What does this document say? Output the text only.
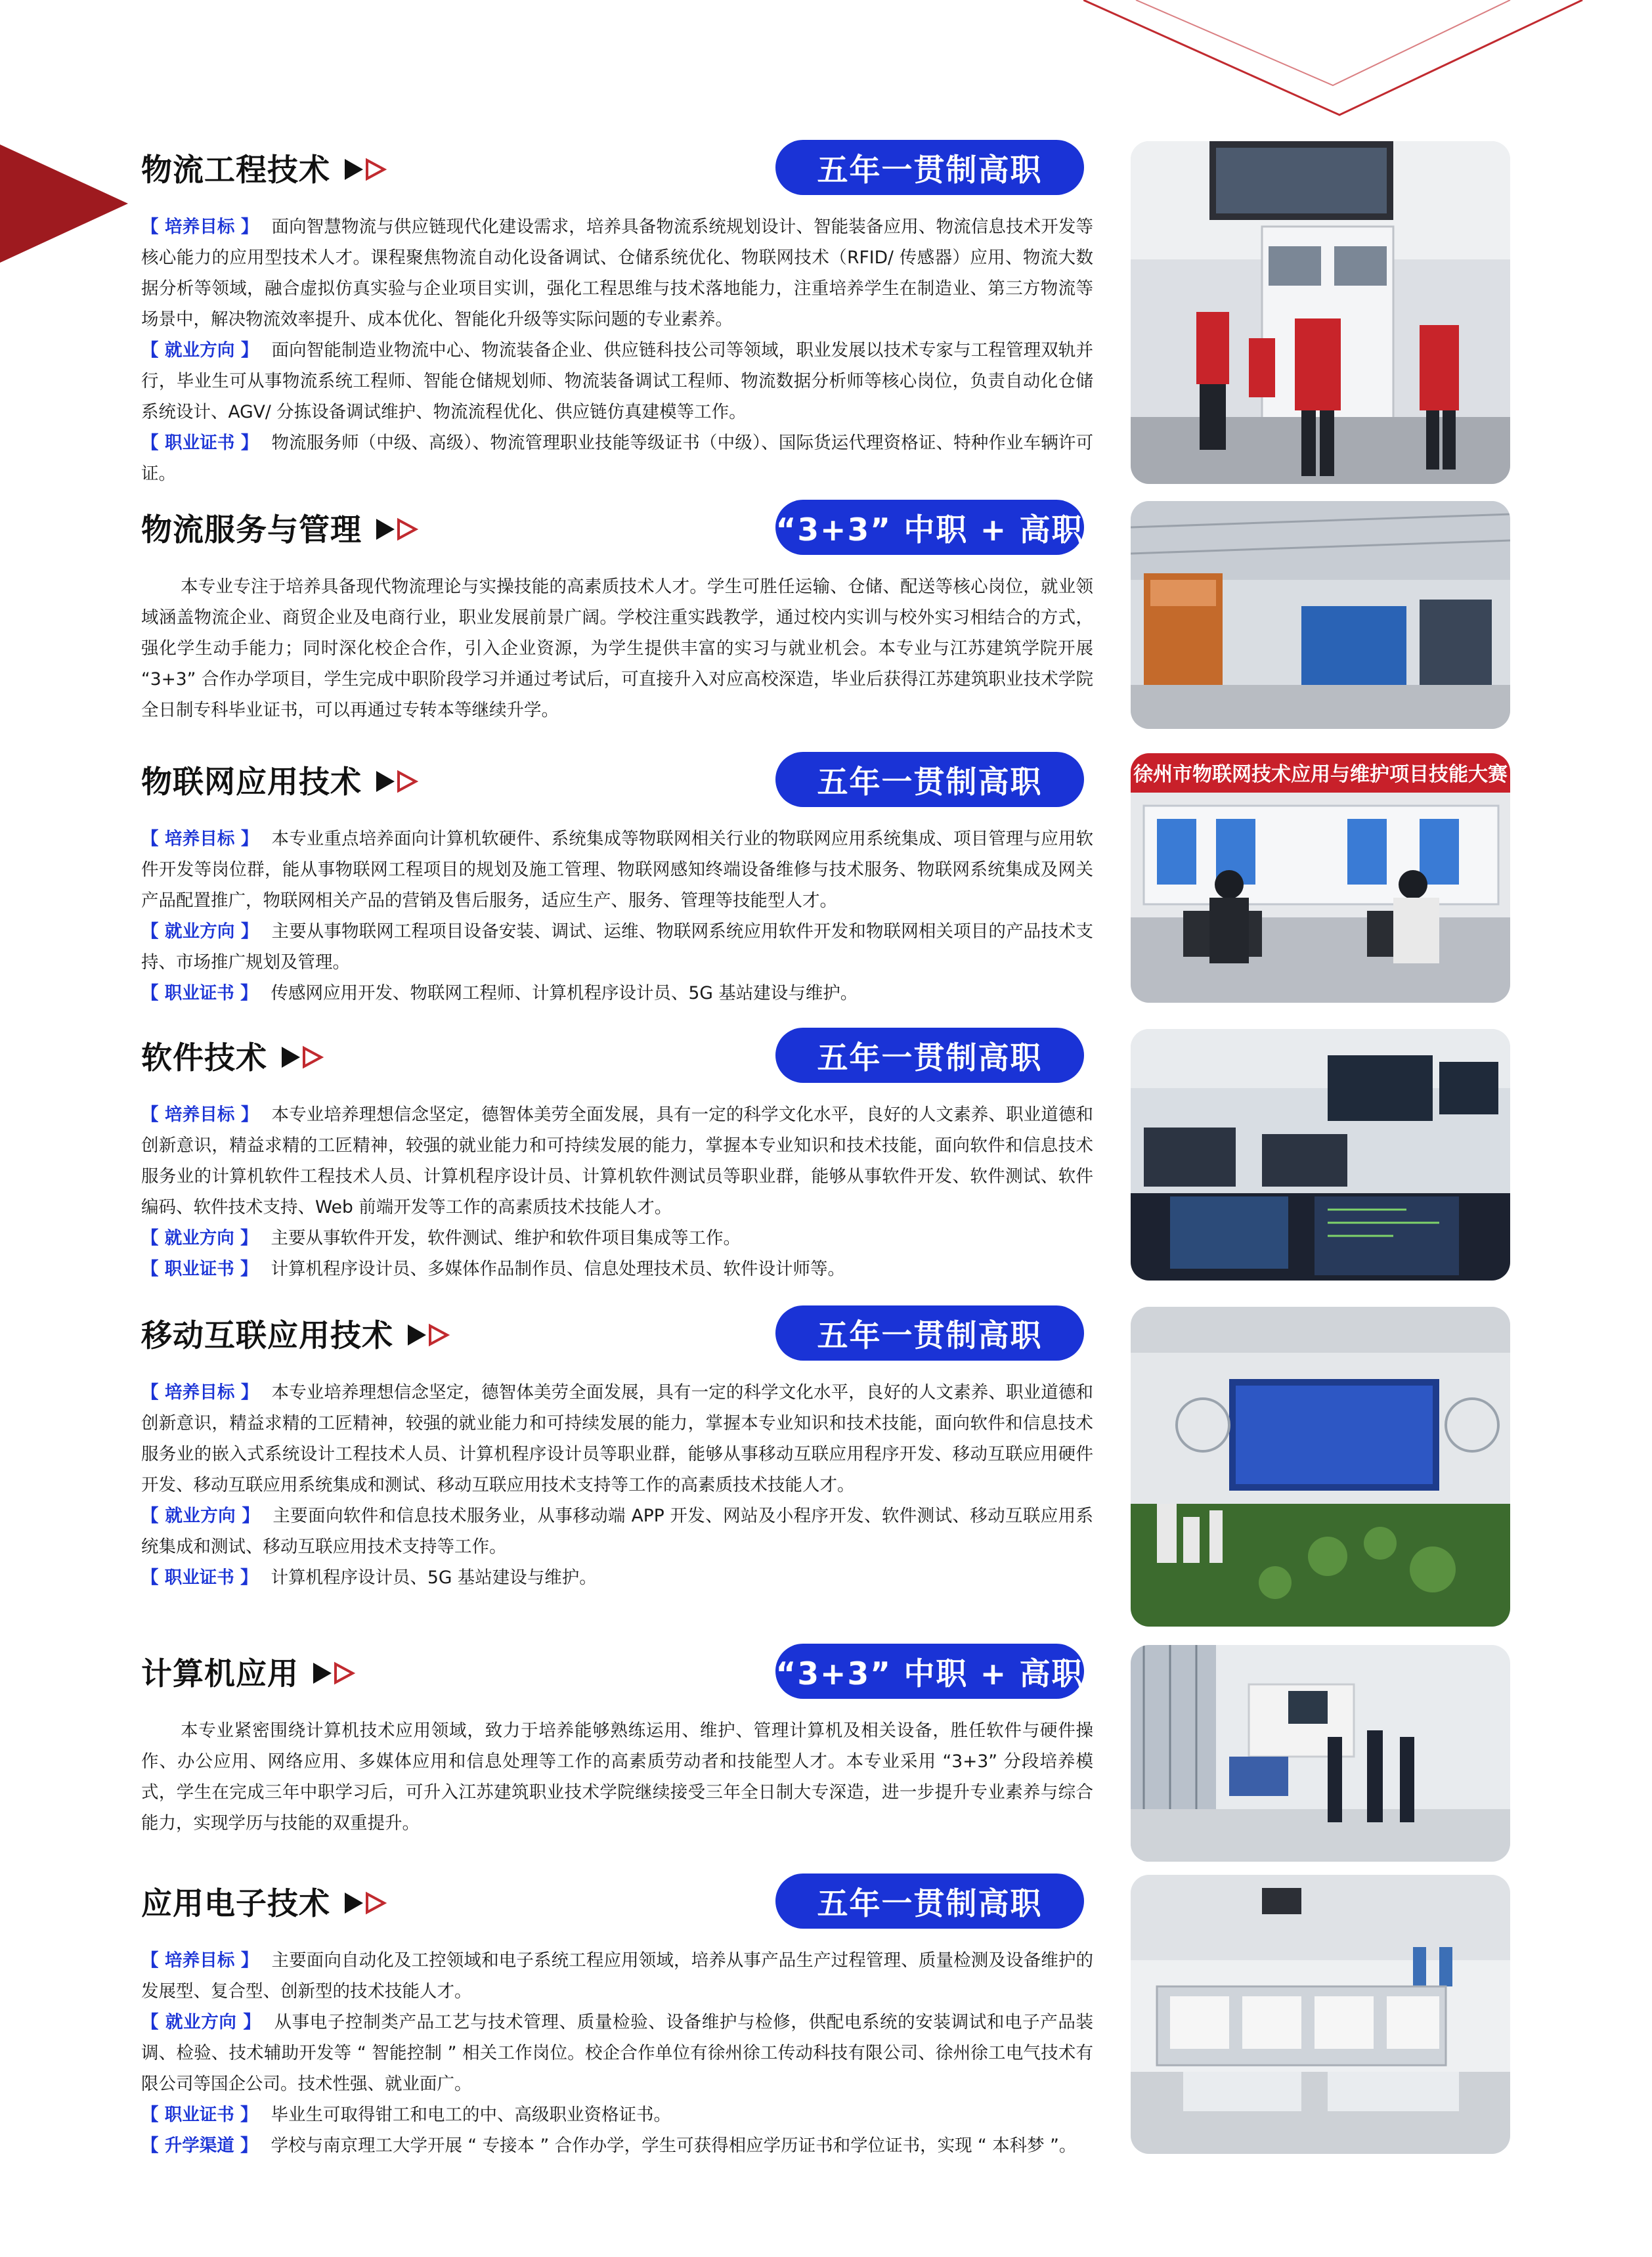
物流工程技术	五年一贯制高职

【 培养目标 】 面向智慧物流与供应链现代化建设需求，培养具备物流系统规划设计、智能装备应用、物流信息技术开发等核心能力的应用型技术人才。课程聚焦物流自动化设备调试、仓储系统优化、物联网技术（RFID/ 传感器）应用、物流大数据分析等领域，融合虚拟仿真实验与企业项目实训，强化工程思维与技术落地能力，注重培养学生在制造业、第三方物流等场景中，解决物流效率提升、成本优化、智能化升级等实际问题的专业素养。

【 就业方向 】 面向智能制造业物流中心、物流装备企业、供应链科技公司等领域，职业发展以技术专家与工程管理双轨并行，毕业生可从事物流系统工程师、智能仓储规划师、物流装备调试工程师、物流数据分析师等核心岗位，负责自动化仓储系统设计、AGV/ 分拣设备调试维护、物流流程优化、供应链仿真建模等工作。

【 职业证书 】 物流服务师（中级、高级）、物流管理职业技能等级证书（中级）、国际货运代理资格证、特种作业车辆许可证。

物流服务与管理	“3+3” 中职 + 高职

本专业专注于培养具备现代物流理论与实操技能的高素质技术人才。学生可胜任运输、仓储、配送等核心岗位，就业领域涵盖物流企业、商贸企业及电商行业，职业发展前景广阔。学校注重实践教学，通过校内实训与校外实习相结合的方式，强化学生动手能力；同时深化校企合作，引入企业资源，为学生提供丰富的实习与就业机会。本专业与江苏建筑学院开展 “3+3” 合作办学项目，学生完成中职阶段学习并通过考试后，可直接升入对应高校深造，毕业后获得江苏建筑职业技术学院全日制专科毕业证书，可以再通过专转本等继续升学。

物联网应用技术	五年一贯制高职	徐州市物联网技术应用与维护项目技能大赛

【 培养目标 】 本专业重点培养面向计算机软硬件、系统集成等物联网相关行业的物联网应用系统集成、项目管理与应用软件开发等岗位群，能从事物联网工程项目的规划及施工管理、物联网感知终端设备维修与技术服务、物联网系统集成及网关产品配置推广，物联网相关产品的营销及售后服务，适应生产、服务、管理等技能型人才。

【 就业方向 】 主要从事物联网工程项目设备安装、调试、运维、物联网系统应用软件开发和物联网相关项目的产品技术支持、市场推广规划及管理。

【 职业证书 】 传感网应用开发、物联网工程师、计算机程序设计员、5G 基站建设与维护。

软件技术	五年一贯制高职

【 培养目标 】 本专业培养理想信念坚定，德智体美劳全面发展，具有一定的科学文化水平，良好的人文素养、职业道德和创新意识，精益求精的工匠精神，较强的就业能力和可持续发展的能力，掌握本专业知识和技术技能，面向软件和信息技术服务业的计算机软件工程技术人员、计算机程序设计员、计算机软件测试员等职业群，能够从事软件开发、软件测试、软件编码、软件技术支持、Web 前端开发等工作的高素质技术技能人才。

【 就业方向 】 主要从事软件开发，软件测试、维护和软件项目集成等工作。

【 职业证书 】 计算机程序设计员、多媒体作品制作员、信息处理技术员、软件设计师等。

移动互联应用技术	五年一贯制高职

【 培养目标 】 本专业培养理想信念坚定，德智体美劳全面发展，具有一定的科学文化水平，良好的人文素养、职业道德和创新意识，精益求精的工匠精神，较强的就业能力和可持续发展的能力，掌握本专业知识和技术技能，面向软件和信息技术服务业的嵌入式系统设计工程技术人员、计算机程序设计员等职业群，能够从事移动互联应用程序开发、移动互联应用硬件开发、移动互联应用系统集成和测试、移动互联应用技术支持等工作的高素质技术技能人才。

【 就业方向 】 主要面向软件和信息技术服务业，从事移动端 APP 开发、网站及小程序开发、软件测试、移动互联应用系统集成和测试、移动互联应用技术支持等工作。

【 职业证书 】 计算机程序设计员、5G 基站建设与维护。

计算机应用	“3+3” 中职 + 高职

本专业紧密围绕计算机技术应用领域，致力于培养能够熟练运用、维护、管理计算机及相关设备，胜任软件与硬件操作、办公应用、网络应用、多媒体应用和信息处理等工作的高素质劳动者和技能型人才。本专业采用 “3+3” 分段培养模式，学生在完成三年中职学习后，可升入江苏建筑职业技术学院继续接受三年全日制大专深造，进一步提升专业素养与综合能力，实现学历与技能的双重提升。

应用电子技术	五年一贯制高职

【 培养目标 】 主要面向自动化及工控领域和电子系统工程应用领域，培养从事产品生产过程管理、质量检测及设备维护的发展型、复合型、创新型的技术技能人才。

【 就业方向 】 从事电子控制类产品工艺与技术管理、质量检验、设备维护与检修，供配电系统的安装调试和电子产品装调、检验、技术辅助开发等 “ 智能控制 ” 相关工作岗位。校企合作单位有徐州徐工传动科技有限公司、徐州徐工电气技术有限公司等国企公司。技术性强、就业面广。

【 职业证书 】 毕业生可取得钳工和电工的中、高级职业资格证书。

【 升学渠道 】 学校与南京理工大学开展 “ 专接本 ” 合作办学，学生可获得相应学历证书和学位证书，实现 “ 本科梦 ”。
